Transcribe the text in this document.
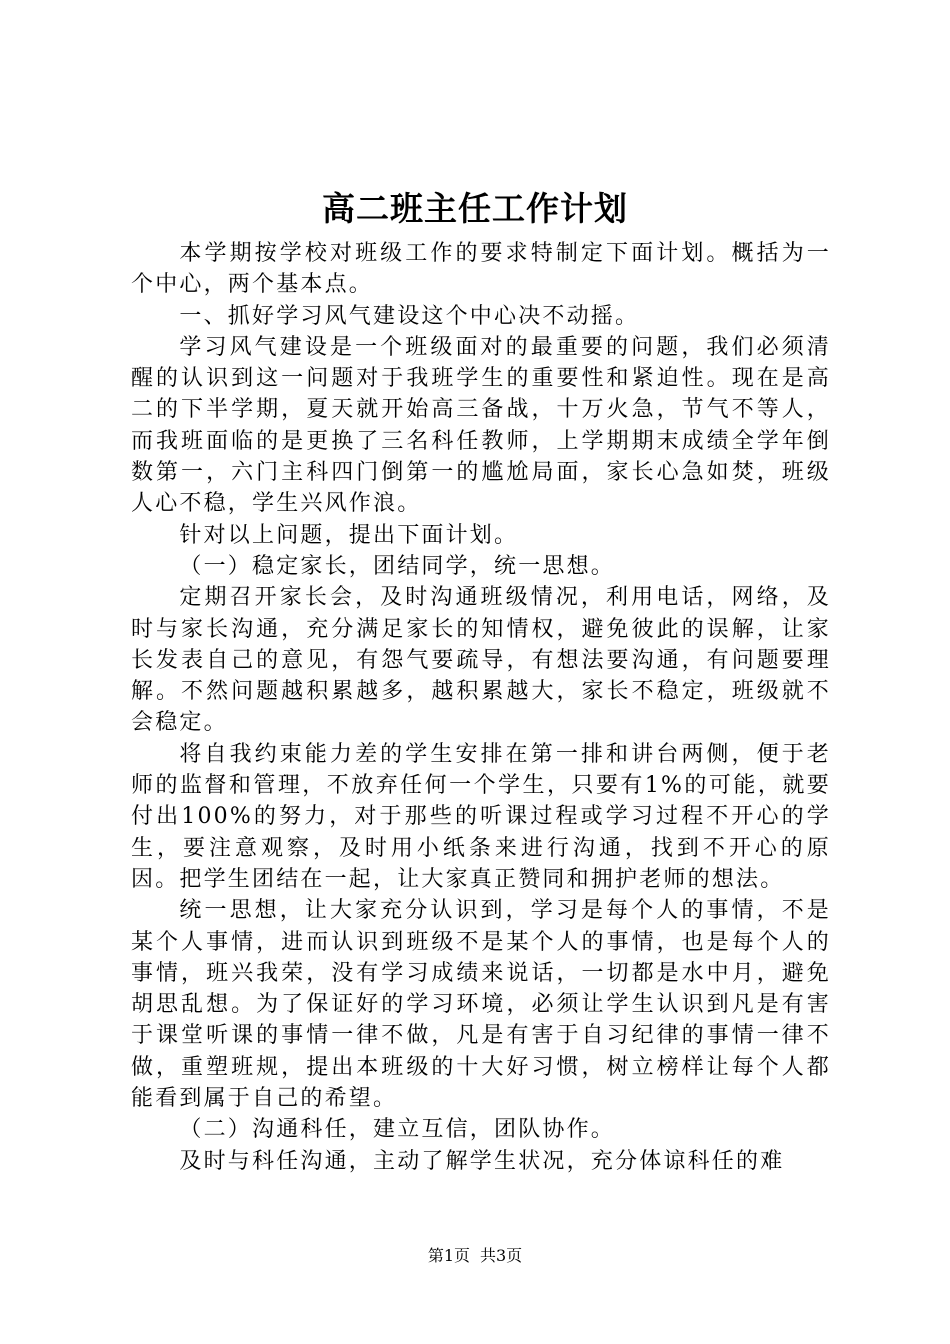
高二班主任工作计划

本学期按学校对班级工作的要求特制定下面计划。概括为一个中心，两个基本点。

一、抓好学习风气建设这个中心决不动摇。

学习风气建设是一个班级面对的最重要的问题，我们必须清醒的认识到这一问题对于我班学生的重要性和紧迫性。现在是高二的下半学期，夏天就开始高三备战，十万火急，节气不等人，而我班面临的是更换了三名科任教师，上学期期末成绩全学年倒数第一，六门主科四门倒第一的尴尬局面，家长心急如焚，班级人心不稳，学生兴风作浪。

针对以上问题，提出下面计划。

（一）稳定家长，团结同学，统一思想。

定期召开家长会，及时沟通班级情况，利用电话，网络，及时与家长沟通，充分满足家长的知情权，避免彼此的误解，让家长发表自己的意见，有怨气要疏导，有想法要沟通，有问题要理解。不然问题越积累越多，越积累越大，家长不稳定，班级就不会稳定。

将自我约束能力差的学生安排在第一排和讲台两侧，便于老师的监督和管理，不放弃任何一个学生，只要有1%的可能，就要付出100%的努力，对于那些的听课过程或学习过程不开心的学生，要注意观察，及时用小纸条来进行沟通，找到不开心的原因。把学生团结在一起，让大家真正赞同和拥护老师的想法。

统一思想，让大家充分认识到，学习是每个人的事情，不是某个人事情，进而认识到班级不是某个人的事情，也是每个人的事情，班兴我荣，没有学习成绩来说话，一切都是水中月，避免胡思乱想。为了保证好的学习环境，必须让学生认识到凡是有害于课堂听课的事情一律不做，凡是有害于自习纪律的事情一律不做，重塑班规，提出本班级的十大好习惯，树立榜样让每个人都能看到属于自己的希望。

（二）沟通科任，建立互信，团队协作。

及时与科任沟通，主动了解学生状况，充分体谅科任的难

第1页 共3页
